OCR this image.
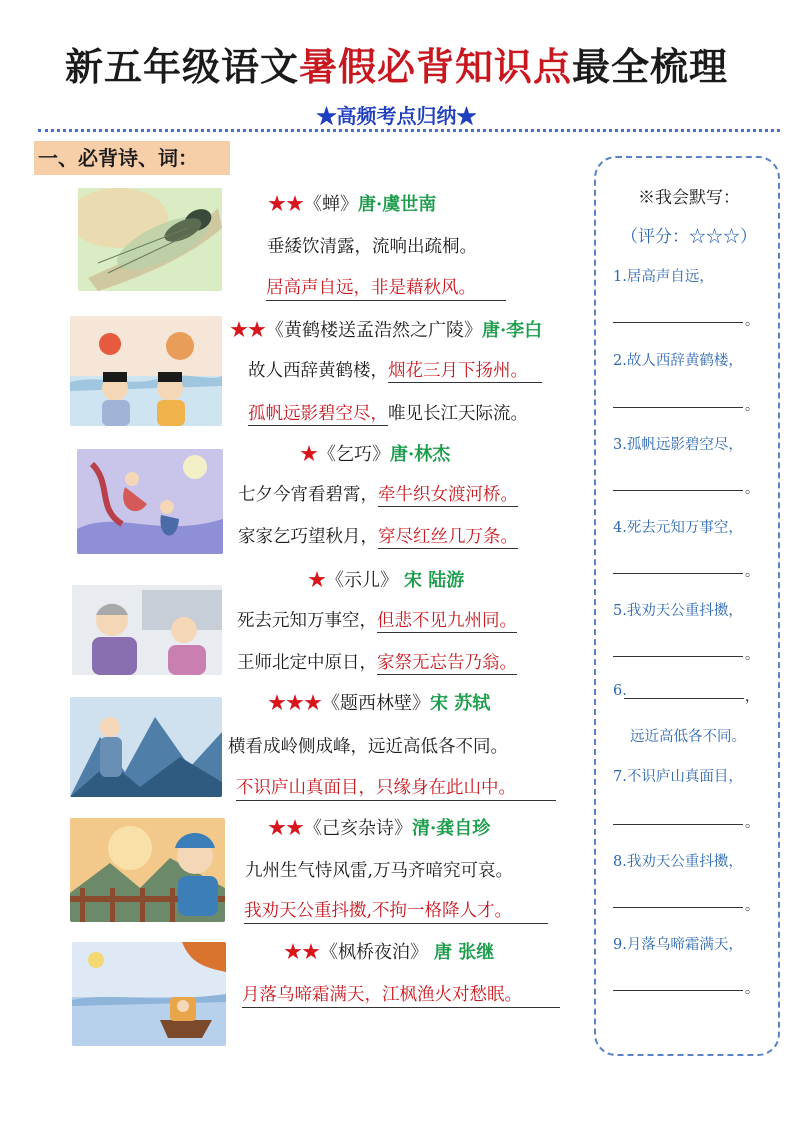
新五年级语文暑假必背知识点最全梳理
★高频考点归纳★
一、必背诗、词：
★★《蝉》唐·虞世南
垂緌饮清露，流响出疏桐。
居高声自远，非是藉秋风。
★★《黄鹤楼送孟浩然之广陵》唐·李白
故人西辞黄鹤楼，烟花三月下扬州。
孤帆远影碧空尽，唯见长江天际流。
★《乞巧》唐·林杰
七夕今宵看碧霄，牵牛织女渡河桥。
家家乞巧望秋月，穿尽红丝几万条。
★《示儿》 宋 陆游
死去元知万事空，但悲不见九州同。
王师北定中原日，家祭无忘告乃翁。
★★★《题西林壁》宋 苏轼
横看成岭侧成峰，远近高低各不同。
不识庐山真面目，只缘身在此山中。
★★《己亥杂诗》清·龚自珍
九州生气恃风雷,万马齐喑究可哀。
我劝天公重抖擞,不拘一格降人才。
★★《枫桥夜泊》 唐 张继
月落乌啼霜满天，江枫渔火对愁眠。
※我会默写：
（评分：☆☆☆）
1.居高声自远，
。
2.故人西辞黄鹤楼，
。
3.孤帆远影碧空尽，
。
4.死去元知万事空，
。
5.我劝天公重抖擞，
。
6.	，
远近高低各不同。
7.不识庐山真面目，
。
8.我劝天公重抖擞，
。
9.月落乌啼霜满天，
。
